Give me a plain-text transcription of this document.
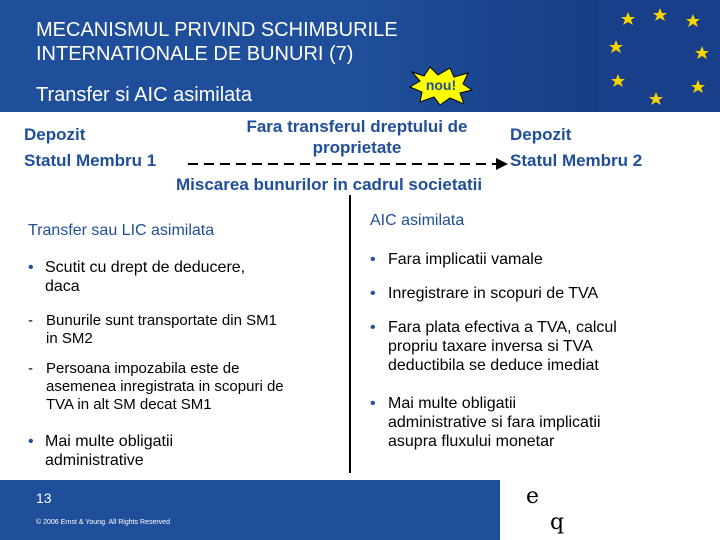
MECANISMUL PRIVIND SCHIMBURILE
INTERNATIONALE DE BUNURI (7)
Transfer si AIC asimilata	nou!
Depozit
Statul Membru 1
Depozit
Statul Membru 2
Fara transferul dreptului de
proprietate
Miscarea bunurilor in cadrul societatii
Transfer sau LIC asimilata
• Scutit cu drept de deducere,
daca
- Bunurile sunt transportate din SM1
in SM2
- Persoana impozabila este de
asemenea inregistrata in scopuri de
TVA in alt SM decat SM1
• Mai multe obligatii
administrative
AIC asimilata
• Fara implicatii vamale
• Inregistrare in scopuri de TVA
• Fara plata efectiva a TVA, calcul
propriu taxare inversa si TVA
deductibila se deduce imediat
• Mai multe obligatii
administrative si fara implicatii
asupra fluxului monetar
13
© 2006 Ernst & Young. All Rights Reserved
e
q
